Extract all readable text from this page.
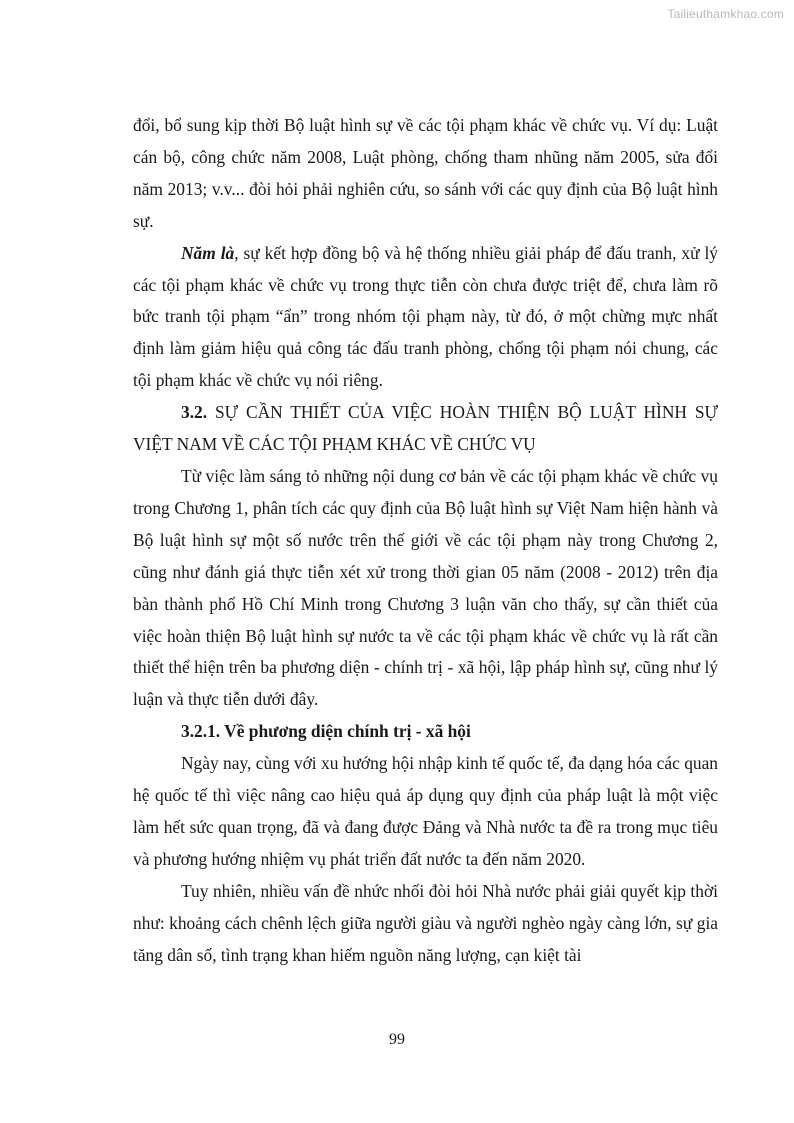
Tailieuthamkhao.com

đổi, bổ sung kịp thời Bộ luật hình sự về các tội phạm khác về chức vụ. Ví dụ: Luật cán bộ, công chức năm 2008, Luật phòng, chống tham nhũng năm 2005, sửa đổi năm 2013; v.v... đòi hỏi phải nghiên cứu, so sánh với các quy định của Bộ luật hình sự.

Năm là, sự kết hợp đồng bộ và hệ thống nhiều giải pháp để đấu tranh, xử lý các tội phạm khác về chức vụ trong thực tiễn còn chưa được triệt để, chưa làm rõ bức tranh tội phạm “ẩn” trong nhóm tội phạm này, từ đó, ở một chừng mực nhất định làm giảm hiệu quả công tác đấu tranh phòng, chống tội phạm nói chung, các tội phạm khác về chức vụ nói riêng.

3.2. SỰ CẦN THIẾT CỦA VIỆC HOÀN THIỆN BỘ LUẬT HÌNH SỰ VIỆT NAM VỀ CÁC TỘI PHẠM KHÁC VỀ CHỨC VỤ

Từ việc làm sáng tỏ những nội dung cơ bản về các tội phạm khác về chức vụ trong Chương 1, phân tích các quy định của Bộ luật hình sự Việt Nam hiện hành và Bộ luật hình sự một số nước trên thế giới về các tội phạm này trong Chương 2, cũng như đánh giá thực tiễn xét xử trong thời gian 05 năm (2008 - 2012) trên địa bàn thành phố Hồ Chí Minh trong Chương 3 luận văn cho thấy, sự cần thiết của việc hoàn thiện Bộ luật hình sự nước ta về các tội phạm khác về chức vụ là rất cần thiết thể hiện trên ba phương diện - chính trị - xã hội, lập pháp hình sự, cũng như lý luận và thực tiễn dưới đây.

3.2.1. Về phương diện chính trị - xã hội

Ngày nay, cùng với xu hướng hội nhập kinh tế quốc tế, đa dạng hóa các quan hệ quốc tế thì việc nâng cao hiệu quả áp dụng quy định của pháp luật là một việc làm hết sức quan trọng, đã và đang được Đảng và Nhà nước ta đề ra trong mục tiêu và phương hướng nhiệm vụ phát triển đất nước ta đến năm 2020.

Tuy nhiên, nhiều vấn đề nhức nhối đòi hỏi Nhà nước phải giải quyết kịp thời như: khoảng cách chênh lệch giữa người giàu và người nghèo ngày càng lớn, sự gia tăng dân số, tình trạng khan hiếm nguồn năng lượng, cạn kiệt tài

99
